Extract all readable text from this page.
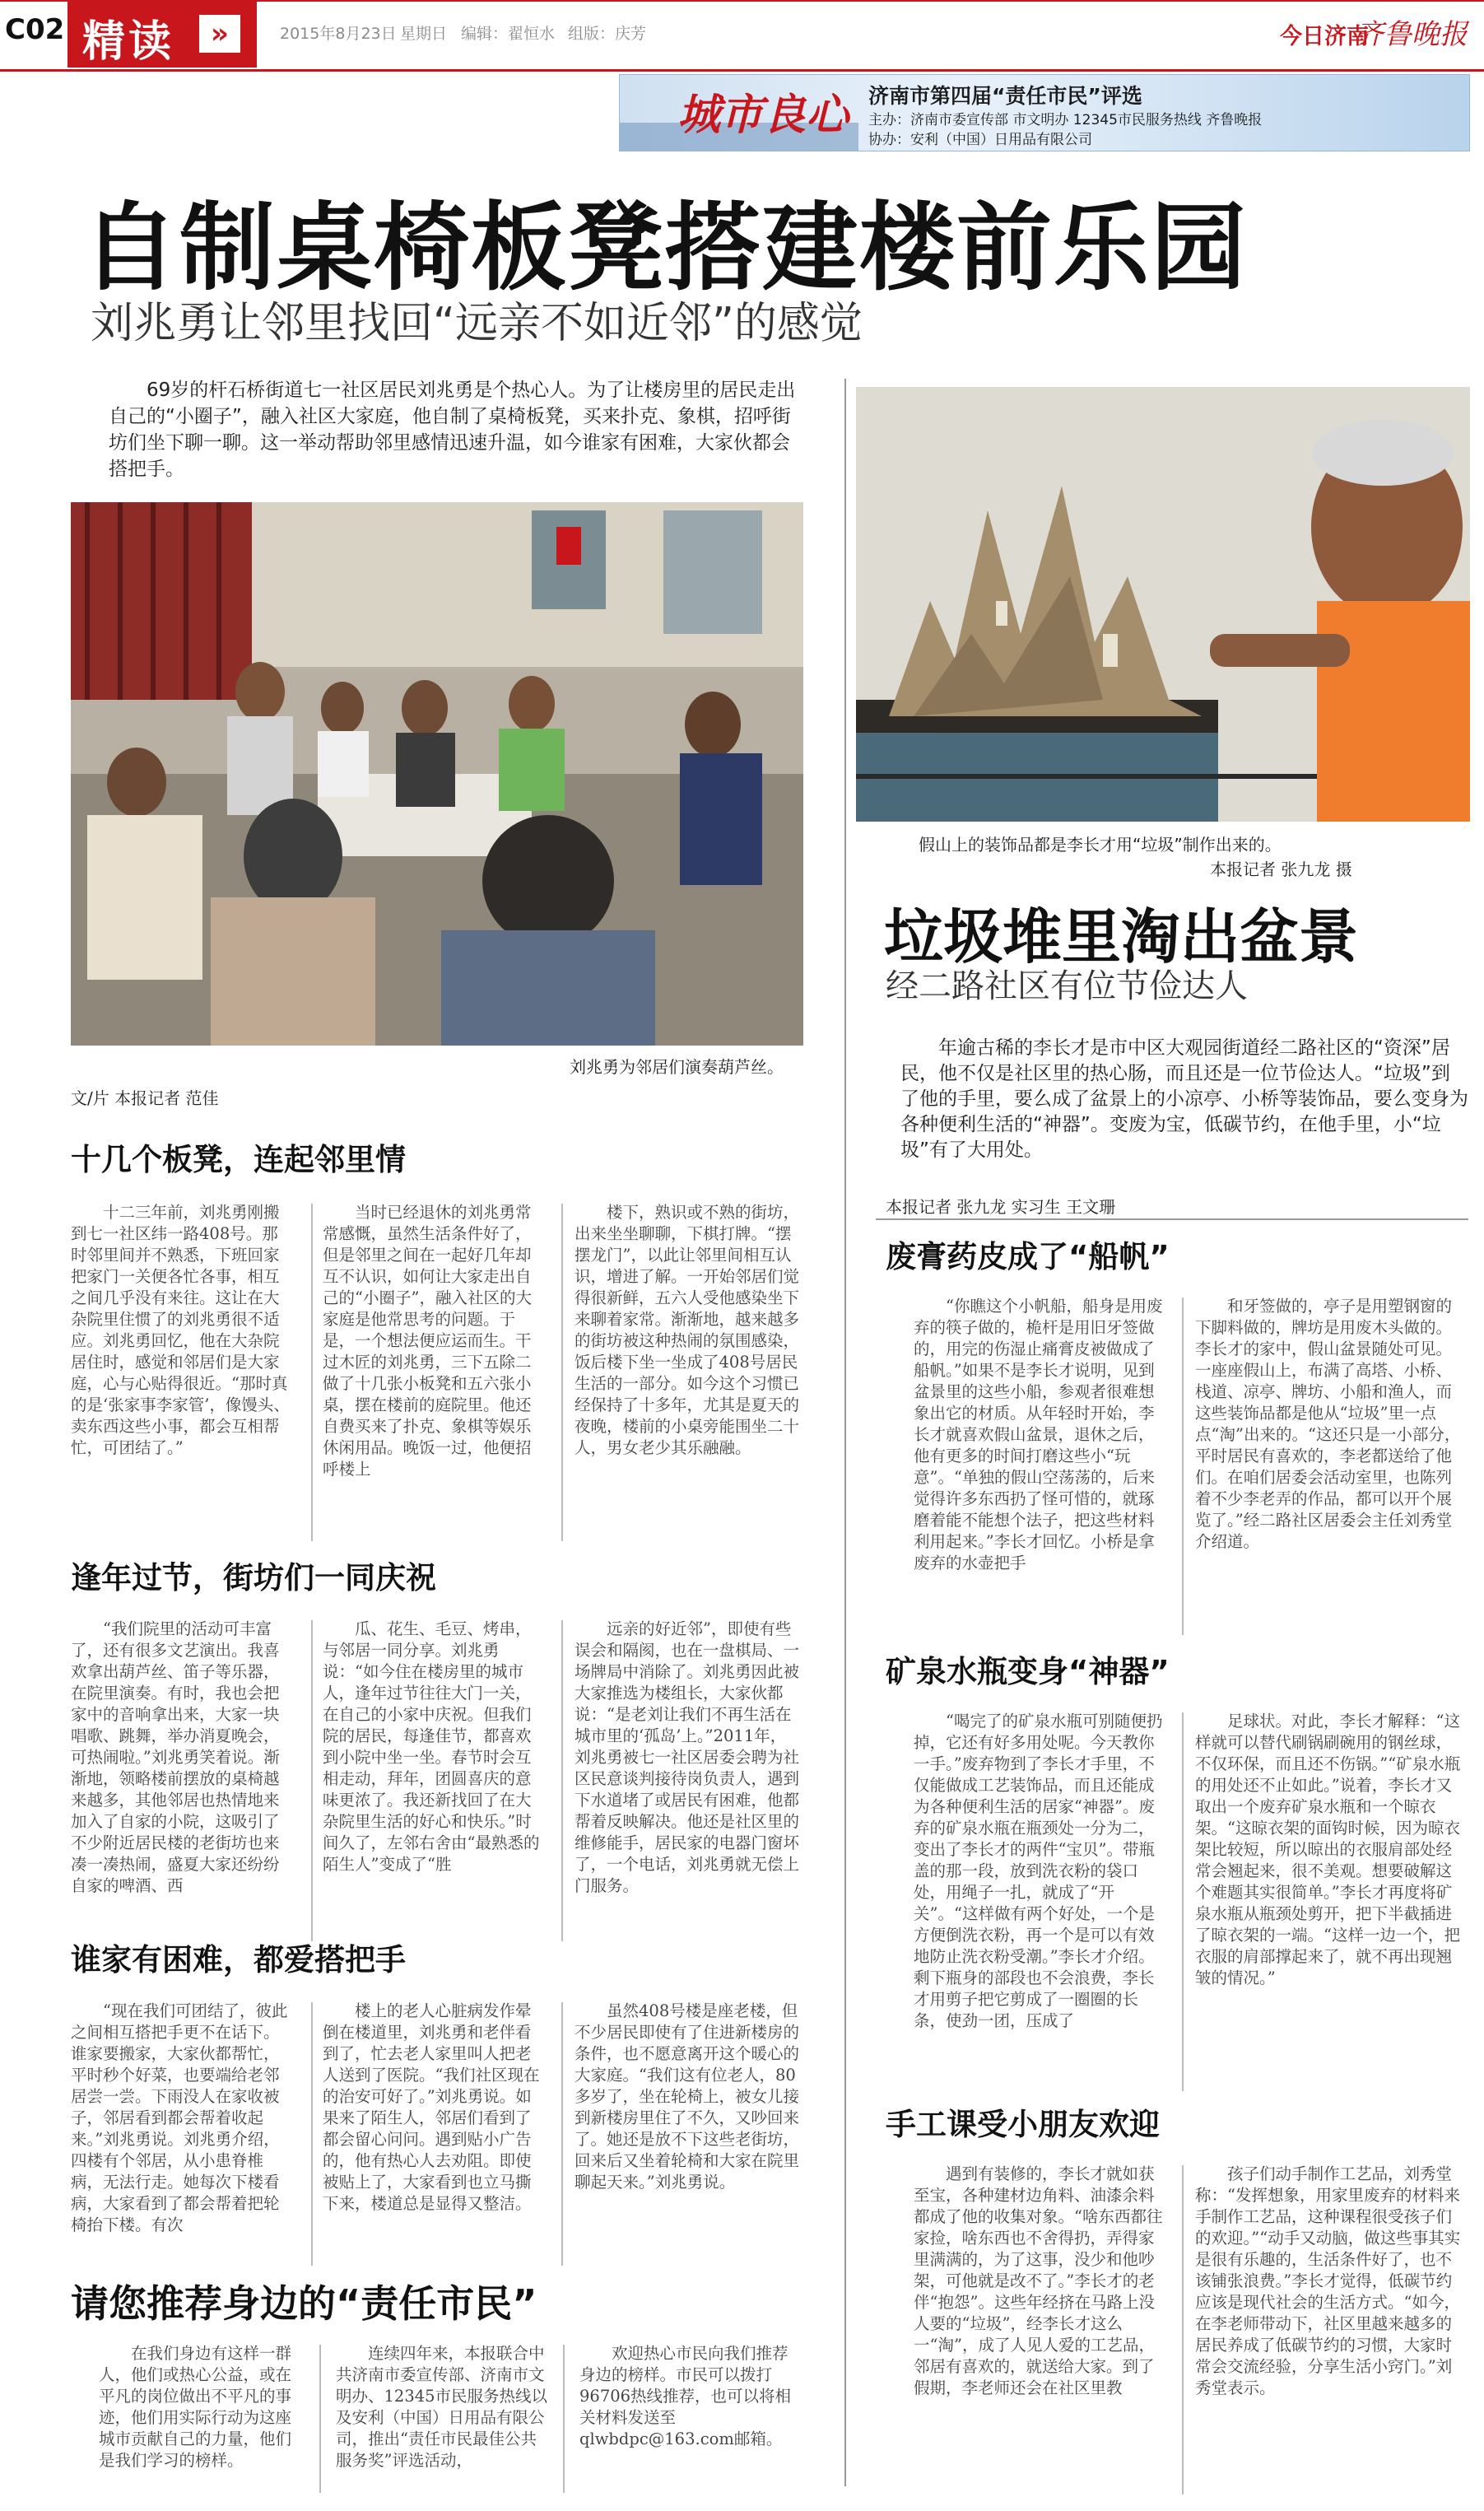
C02 精读	»	2015年8月23日 星期日 编辑：翟恒水 组版：庆芳	今日济南
齐鲁晚报
城市良心 济南市第四届“责任市民”评选
主办：济南市委宣传部 市文明办 12345市民服务热线 齐鲁晚报
协办：安利（中国）日用品有限公司
自制桌椅板凳搭建楼前乐园
刘兆勇让邻里找回“远亲不如近邻”的感觉
69岁的杆石桥街道七一社区居民刘兆勇是个热心人。为了让楼房里的居民走出自己的“小圈子”，融入社区大家庭，他自制了桌椅板凳，买来扑克、象棋，招呼街坊们坐下聊一聊。这一举动帮助邻里感情迅速升温，如今谁家有困难，大家伙都会搭把手。
刘兆勇为邻居们演奏葫芦丝。
文/片 本报记者 范佳
十几个板凳，连起邻里情
十二三年前，刘兆勇刚搬到七一社区纬一路408号。那时邻里间并不熟悉，下班回家把家门一关便各忙各事，相互之间几乎没有来往。这让在大杂院里住惯了的刘兆勇很不适应。刘兆勇回忆，他在大杂院居住时，感觉和邻居们是大家庭，心与心贴得很近。“那时真的是‘张家事李家管’，像馒头、卖东西这些小事，都会互相帮忙，可团结了。”
当时已经退休的刘兆勇常常感慨，虽然生活条件好了，但是邻里之间在一起好几年却互不认识，如何让大家走出自己的“小圈子”，融入社区的大家庭是他常思考的问题。于是，一个想法便应运而生。干过木匠的刘兆勇，三下五除二做了十几张小板凳和五六张小桌，摆在楼前的庭院里。他还自费买来了扑克、象棋等娱乐休闲用品。晚饭一过，他便招呼楼上
楼下，熟识或不熟的街坊，出来坐坐聊聊，下棋打牌。“摆摆龙门”，以此让邻里间相互认识，增进了解。一开始邻居们觉得很新鲜，五六人受他感染坐下来聊着家常。渐渐地，越来越多的街坊被这种热闹的氛围感染，饭后楼下坐一坐成了408号居民生活的一部分。如今这个习惯已经保持了十多年，尤其是夏天的夜晚，楼前的小桌旁能围坐二十人，男女老少其乐融融。
逢年过节，街坊们一同庆祝
“我们院里的活动可丰富了，还有很多文艺演出。我喜欢拿出葫芦丝、笛子等乐器，在院里演奏。有时，我也会把家中的音响拿出来，大家一块唱歌、跳舞，举办消夏晚会，可热闹啦。”刘兆勇笑着说。渐渐地，领略楼前摆放的桌椅越来越多，其他邻居也热情地来加入了自家的小院，这吸引了不少附近居民楼的老街坊也来凑一凑热闹，盛夏大家还纷纷自家的啤酒、西
瓜、花生、毛豆、烤串，与邻居一同分享。刘兆勇说：“如今住在楼房里的城市人，逢年过节往往大门一关，在自己的小家中庆祝。但我们院的居民，每逢佳节，都喜欢到小院中坐一坐。春节时会互相走动，拜年，团圆喜庆的意味更浓了。我还新找回了在大杂院里生活的好心和快乐。”时间久了，左邻右舍由“最熟悉的陌生人”变成了“胜
远亲的好近邻”，即使有些误会和隔阂，也在一盘棋局、一场牌局中消除了。刘兆勇因此被大家推选为楼组长，大家伙都说：“是老刘让我们不再生活在城市里的‘孤岛’上。”2011年，刘兆勇被七一社区居委会聘为社区民意谈判接待岗负责人，遇到下水道堵了或居民有困难，他都帮着反映解决。他还是社区里的维修能手，居民家的电器门窗坏了，一个电话，刘兆勇就无偿上门服务。
谁家有困难，都爱搭把手
“现在我们可团结了，彼此之间相互搭把手更不在话下。谁家要搬家，大家伙都帮忙，平时秒个好菜，也要端给老邻居尝一尝。下雨没人在家收被子，邻居看到都会帮着收起来。”刘兆勇说。刘兆勇介绍，四楼有个邻居，从小患脊椎病，无法行走。她每次下楼看病，大家看到了都会帮着把轮椅抬下楼。有次
楼上的老人心脏病发作晕倒在楼道里，刘兆勇和老伴看到了，忙去老人家里叫人把老人送到了医院。“我们社区现在的治安可好了。”刘兆勇说。如果来了陌生人，邻居们看到了都会留心问问。遇到贴小广告的，他有热心人去劝阻。即使被贴上了，大家看到也立马撕下来，楼道总是显得又整洁。
虽然408号楼是座老楼，但不少居民即使有了住进新楼房的条件，也不愿意离开这个暖心的大家庭。“我们这有位老人，80多岁了，坐在轮椅上，被女儿接到新楼房里住了不久，又吵回来了。她还是放不下这些老街坊，回来后又坐着轮椅和大家在院里聊起天来。”刘兆勇说。
请您推荐身边的“责任市民”
在我们身边有这样一群人，他们或热心公益，或在平凡的岗位做出不平凡的事迹，他们用实际行动为这座城市贡献自己的力量，他们是我们学习的榜样。
连续四年来，本报联合中共济南市委宣传部、济南市文明办、12345市民服务热线以及安利（中国）日用品有限公司，推出“责任市民最佳公共服务奖”评选活动，
欢迎热心市民向我们推荐身边的榜样。市民可以拨打96706热线推荐，也可以将相关材料发送至qlwbdpc@163.com邮箱。
假山上的装饰品都是李长才用“垃圾”制作出来的。
本报记者 张九龙 摄
垃圾堆里淘出盆景
经二路社区有位节俭达人
年逾古稀的李长才是市中区大观园街道经二路社区的“资深”居民，他不仅是社区里的热心肠，而且还是一位节俭达人。“垃圾”到了他的手里，要么成了盆景上的小凉亭、小桥等装饰品，要么变身为各种便利生活的“神器”。变废为宝，低碳节约，在他手里，小“垃圾”有了大用处。
本报记者 张九龙 实习生 王文珊
废膏药皮成了“船帆”
“你瞧这个小帆船，船身是用废弃的筷子做的，桅杆是用旧牙签做的，用完的伤湿止痛膏皮被做成了船帆。”如果不是李长才说明，见到盆景里的这些小船，参观者很难想象出它的材质。从年轻时开始，李长才就喜欢假山盆景，退休之后，他有更多的时间打磨这些小“玩意”。“单独的假山空荡荡的，后来觉得许多东西扔了怪可惜的，就琢磨着能不能想个法子，把这些材料利用起来。”李长才回忆。小桥是拿废弃的水壶把手
和牙签做的，亭子是用塑钢窗的下脚料做的，牌坊是用废木头做的。李长才的家中，假山盆景随处可见。一座座假山上，布满了高塔、小桥、栈道、凉亭、牌坊、小船和渔人，而这些装饰品都是他从“垃圾”里一点点“淘”出来的。“这还只是一小部分，平时居民有喜欢的，李老都送给了他们。在咱们居委会活动室里，也陈列着不少李老弄的作品，都可以开个展览了。”经二路社区居委会主任刘秀堂介绍道。
矿泉水瓶变身“神器”
“喝完了的矿泉水瓶可别随便扔掉，它还有好多用处呢。今天教你一手。”废弃物到了李长才手里，不仅能做成工艺装饰品，而且还能成为各种便利生活的居家“神器”。废弃的矿泉水瓶在瓶颈处一分为二，变出了李长才的两件“宝贝”。带瓶盖的那一段，放到洗衣粉的袋口处，用绳子一扎，就成了“开关”。“这样做有两个好处，一个是方便倒洗衣粉，再一个是可以有效地防止洗衣粉受潮。”李长才介绍。剩下瓶身的部段也不会浪费，李长才用剪子把它剪成了一圈圈的长条，使劲一团，压成了
足球状。对此，李长才解释：“这样就可以替代刷锅刷碗用的钢丝球，不仅环保，而且还不伤锅。”“矿泉水瓶的用处还不止如此。”说着，李长才又取出一个废弃矿泉水瓶和一个晾衣架。“这晾衣架的面钩时候，因为晾衣架比较短，所以晾出的衣服肩部处经常会翘起来，很不美观。想要破解这个难题其实很简单。”李长才再度将矿泉水瓶从瓶颈处剪开，把下半截插进了晾衣架的一端。“这样一边一个，把衣服的肩部撑起来了，就不再出现翘皱的情况。”
手工课受小朋友欢迎
遇到有装修的，李长才就如获至宝，各种建材边角料、油漆余料都成了他的收集对象。“啥东西都往家捡，啥东西也不舍得扔，弄得家里满满的，为了这事，没少和他吵架，可他就是改不了。”李长才的老伴“抱怨”。这些年经挤在马路上没人要的“垃圾”，经李长才这么一“淘”，成了人见人爱的工艺品，邻居有喜欢的，就送给大家。到了假期，李老师还会在社区里教
孩子们动手制作工艺品，刘秀堂称：“发挥想象，用家里废弃的材料来手制作工艺品，这种课程很受孩子们的欢迎。”“动手又动脑，做这些事其实是很有乐趣的，生活条件好了，也不该铺张浪费。”李长才觉得，低碳节约应该是现代社会的生活方式。“如今，在李老师带动下，社区里越来越多的居民养成了低碳节约的习惯，大家时常会交流经验，分享生活小窍门。”刘秀堂表示。
